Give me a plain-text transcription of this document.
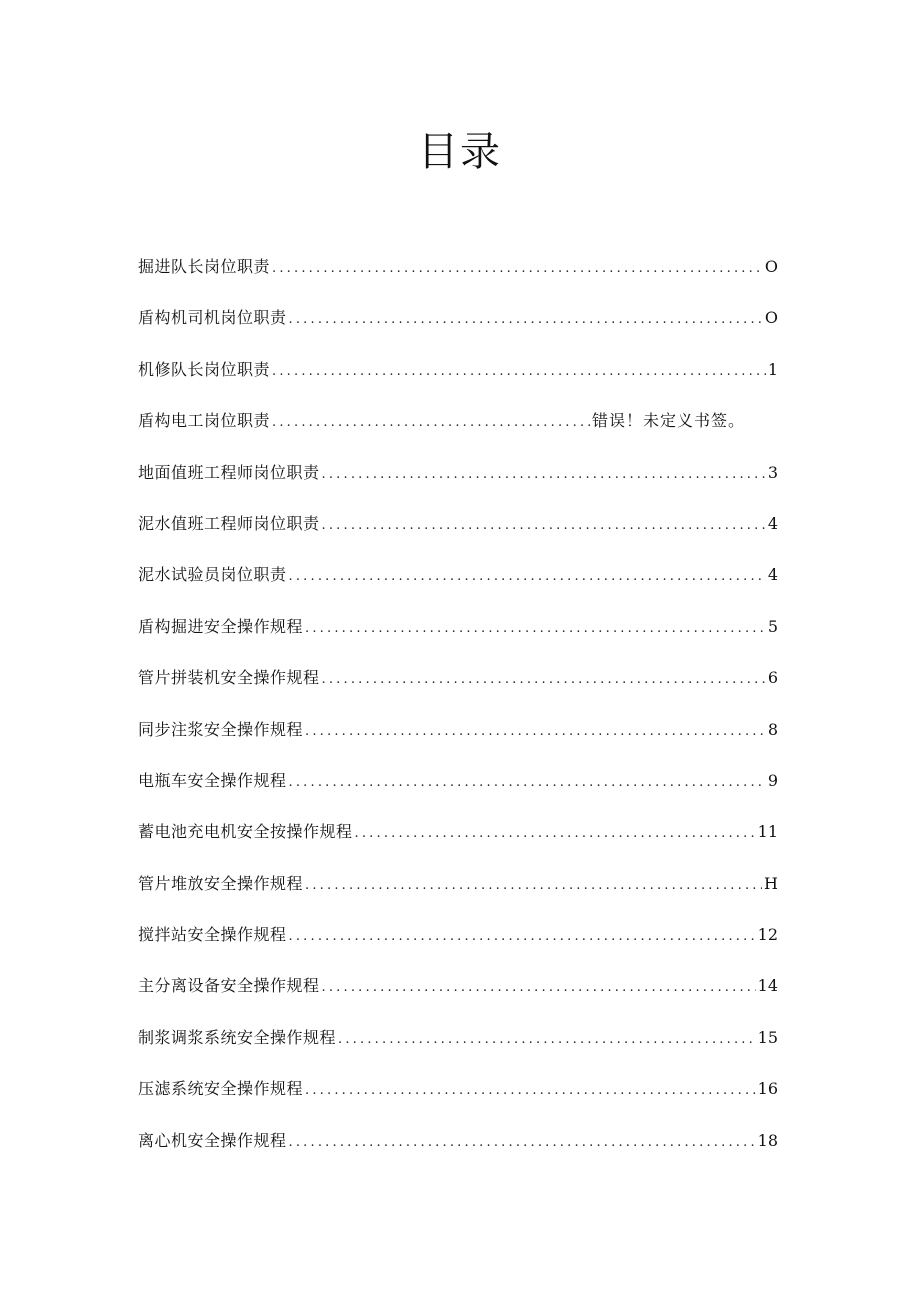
目录
掘进队长岗位职责 .....	O
盾构机司机岗位职责 .....	O
机修队长岗位职责 .....	1
盾构电工岗位职责 .....	错误！未定义书签。
地面值班工程师岗位职责 .....	3
泥水值班工程师岗位职责 .....	4
泥水试验员岗位职责 .....	4
盾构掘进安全操作规程 .....	5
管片拼装机安全操作规程 .....	6
同步注浆安全操作规程 .....	8
电瓶车安全操作规程 .....	9
蓄电池充电机安全按操作规程 .....	11
管片堆放安全操作规程 .....	H
搅拌站安全操作规程 .....	12
主分离设备安全操作规程 .....	14
制浆调浆系统安全操作规程 .....	15
压滤系统安全操作规程 .....	16
离心机安全操作规程 .....	18
